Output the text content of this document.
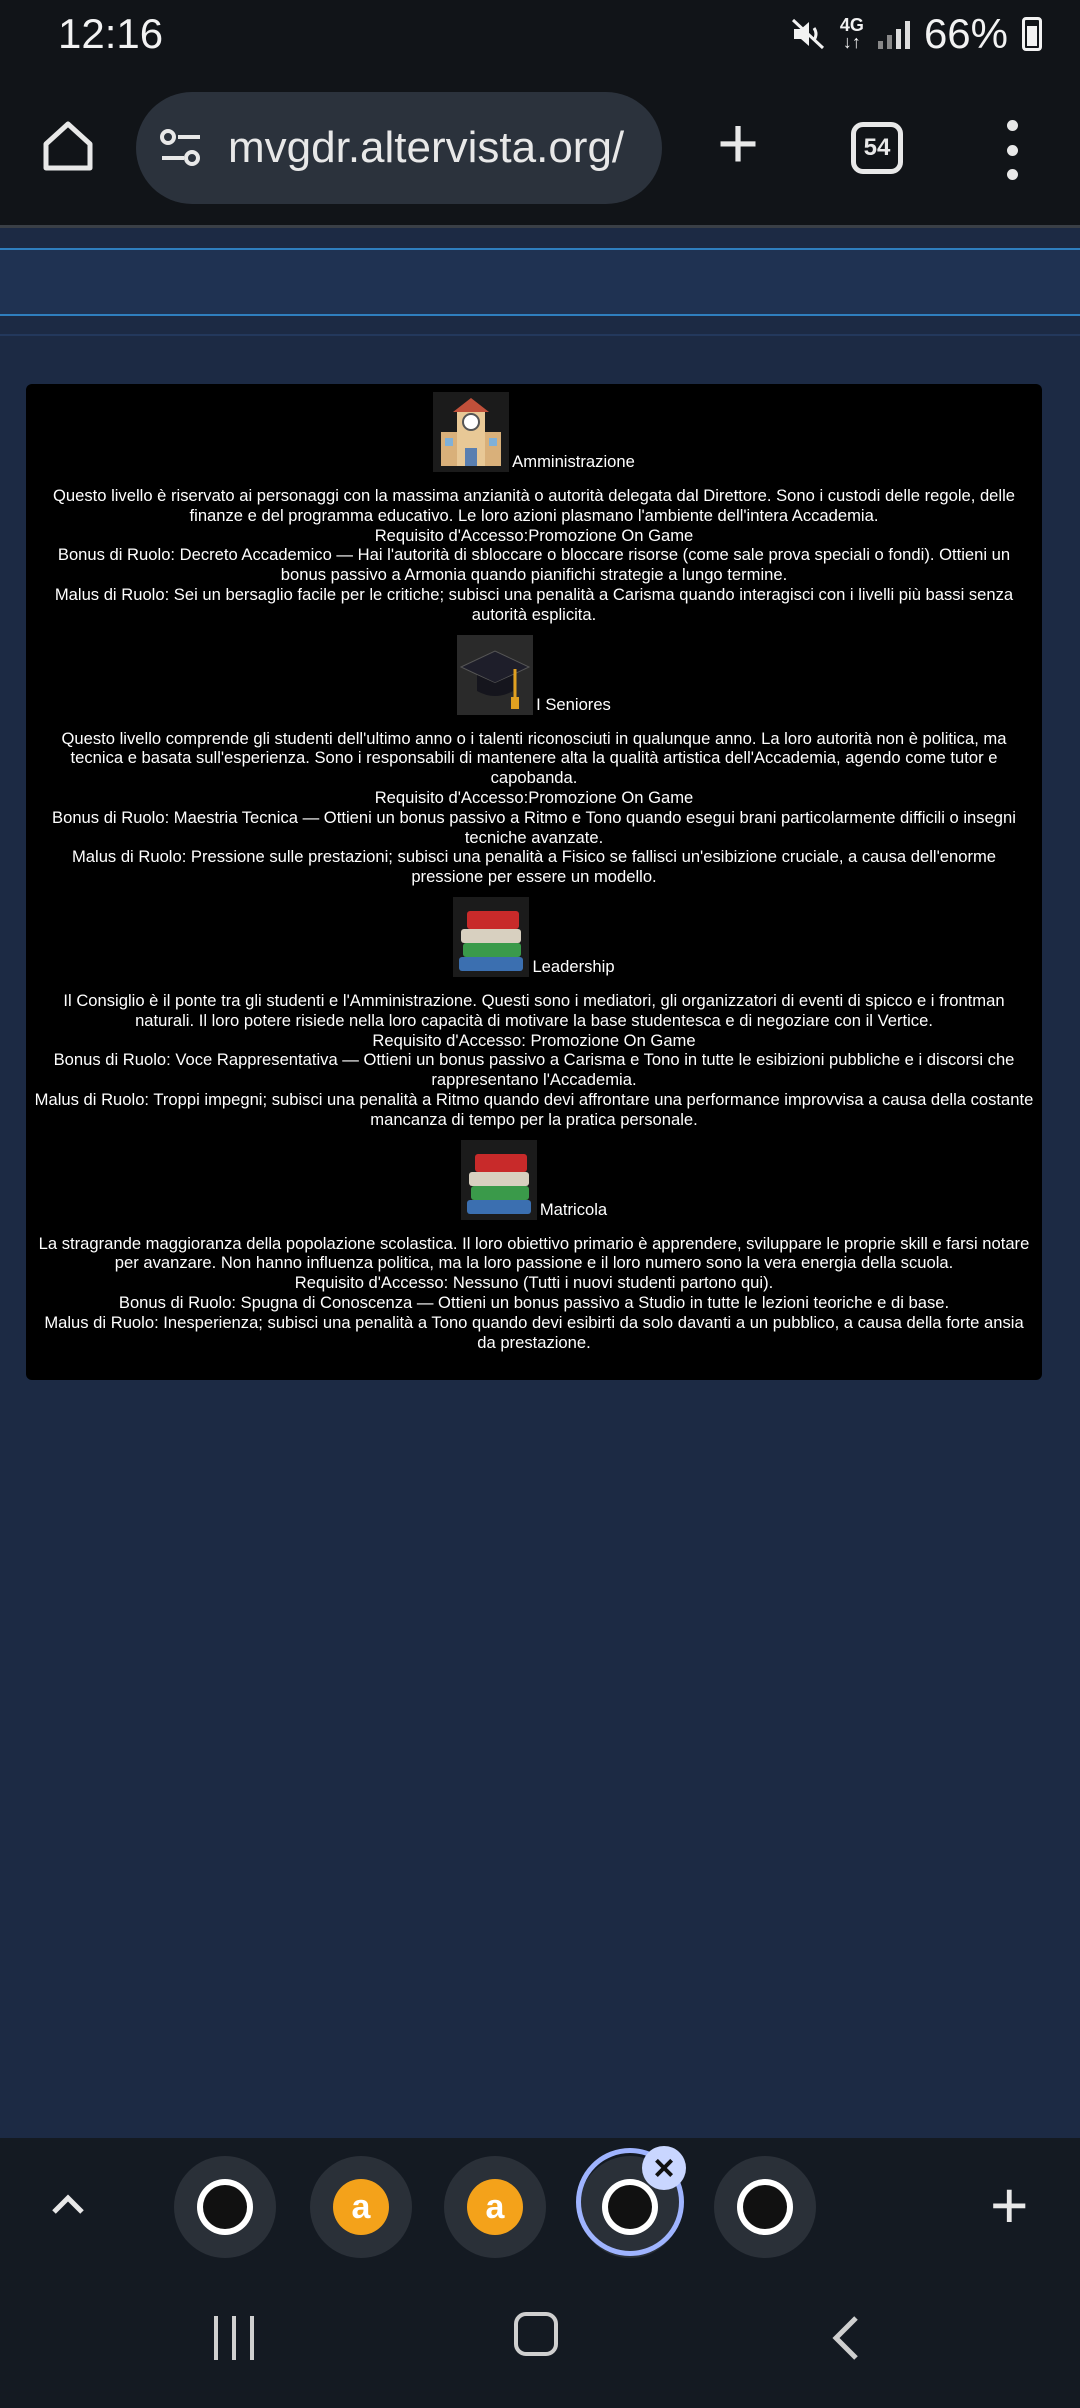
12:16	4G
↓↑ 66%
mvgdr.altervista.org/ +	54
Amministrazione

Questo livello è riservato ai personaggi con la massima anzianità o autorità delegata dal Direttore. Sono i custodi delle regole, delle finanze e del programma educativo. Le loro azioni plasmano l'ambiente dell'intera Accademia.

Requisito d'Accesso:Promozione On Game

Bonus di Ruolo: Decreto Accademico — Hai l'autorità di sbloccare o bloccare risorse (come sale prova speciali o fondi). Ottieni un bonus passivo a Armonia quando pianifichi strategie a lungo termine.

Malus di Ruolo: Sei un bersaglio facile per le critiche; subisci una penalità a Carisma quando interagisci con i livelli più bassi senza autorità esplicita.

I Seniores

Questo livello comprende gli studenti dell'ultimo anno o i talenti riconosciuti in qualunque anno. La loro autorità non è politica, ma tecnica e basata sull'esperienza. Sono i responsabili di mantenere alta la qualità artistica dell'Accademia, agendo come tutor e capobanda.

Requisito d'Accesso:Promozione On Game

Bonus di Ruolo: Maestria Tecnica — Ottieni un bonus passivo a Ritmo e Tono quando esegui brani particolarmente difficili o insegni tecniche avanzate.

Malus di Ruolo: Pressione sulle prestazioni; subisci una penalità a Fisico se fallisci un'esibizione cruciale, a causa dell'enorme pressione per essere un modello.

Leadership

Il Consiglio è il ponte tra gli studenti e l'Amministrazione. Questi sono i mediatori, gli organizzatori di eventi di spicco e i frontman naturali. Il loro potere risiede nella loro capacità di motivare la base studentesca e di negoziare con il Vertice.

Requisito d'Accesso: Promozione On Game

Bonus di Ruolo: Voce Rappresentativa — Ottieni un bonus passivo a Carisma e Tono in tutte le esibizioni pubbliche e i discorsi che rappresentano l'Accademia.

Malus di Ruolo: Troppi impegni; subisci una penalità a Ritmo quando devi affrontare una performance improvvisa a causa della costante mancanza di tempo per la pratica personale.

Matricola

La stragrande maggioranza della popolazione scolastica. Il loro obiettivo primario è apprendere, sviluppare le proprie skill e farsi notare per avanzare. Non hanno influenza politica, ma la loro passione e il loro numero sono la vera energia della scuola.

Requisito d'Accesso: Nessuno (Tutti i nuovi studenti partono qui).

Bonus di Ruolo: Spugna di Conoscenza — Ottieni un bonus passivo a Studio in tutte le lezioni teoriche e di base.

Malus di Ruolo: Inesperienza; subisci una penalità a Tono quando devi esibirti da solo davanti a un pubblico, a causa della forte ansia da prestazione.

a	a
×
+
